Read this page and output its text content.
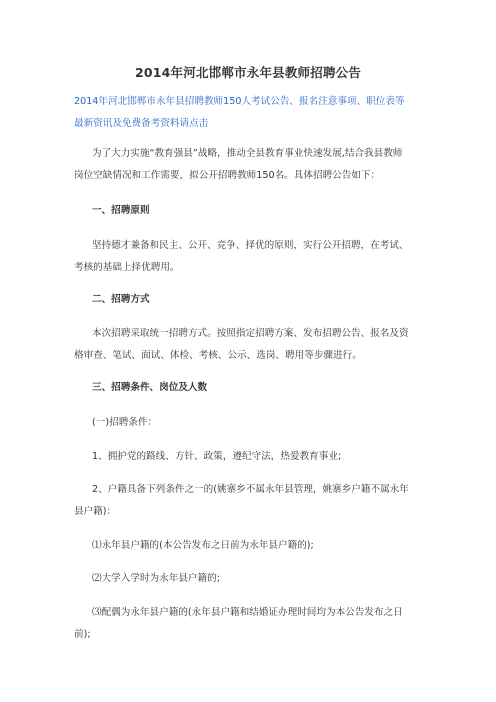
2014年河北邯郸市永年县教师招聘公告

2014年河北邯郸市永年县招聘教师150人考试公告、报名注意事项、职位表等

最新资讯及免费备考资料请点击

为了大力实施“教育强县”战略，推动全县教育事业快速发展,结合我县教师

岗位空缺情况和工作需要，拟公开招聘教师150名。具体招聘公告如下：

一、招聘原则

坚持德才兼备和民主、公开、竞争、择优的原则，实行公开招聘，在考试、

考核的基础上择优聘用。

二、招聘方式

本次招聘采取统一招聘方式。按照指定招聘方案、发布招聘公告、报名及资

格审查、笔试、面试、体检、考核、公示、选岗、聘用等步骤进行。

三、招聘条件、岗位及人数

(一)招聘条件：

1、拥护党的路线、方针、政策，遵纪守法，热爱教育事业;

2、户籍具备下列条件之一的(姚寨乡不属永年县管理，姚寨乡户籍不属永年

县户籍)：

⑴永年县户籍的(本公告发布之日前为永年县户籍的);

⑵大学入学时为永年县户籍的;

⑶配偶为永年县户籍的(永年县户籍和结婚证办理时间均为本公告发布之日

前);
